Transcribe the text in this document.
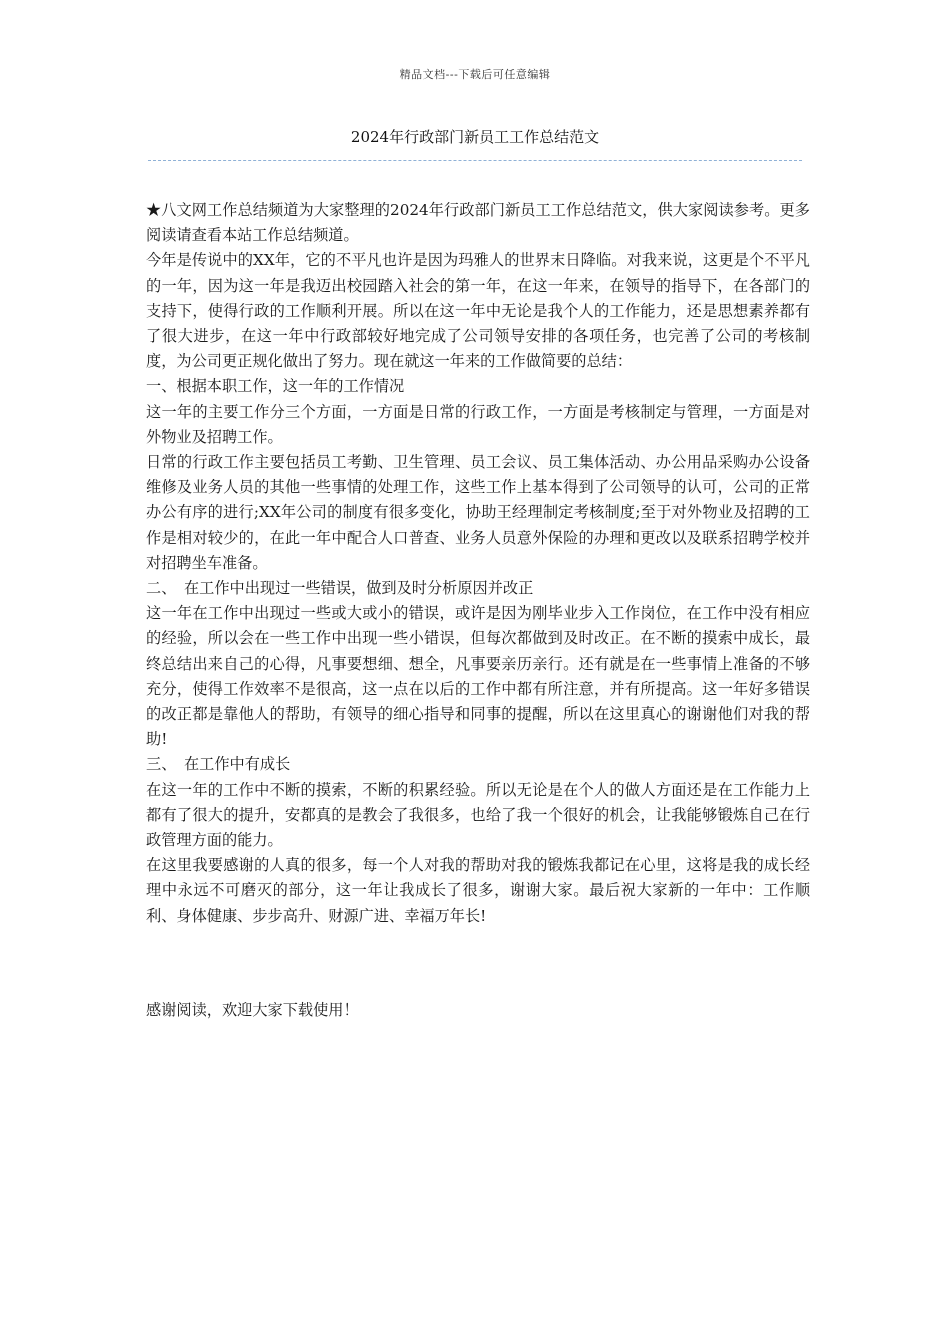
精品文档---下载后可任意编辑
2024年行政部门新员工工作总结范文

★八文网工作总结频道为大家整理的2024年行政部门新员工工作总结范文，供大家阅读参考。更多阅读请查看本站工作总结频道。

今年是传说中的XX年，它的不平凡也许是因为玛雅人的世界末日降临。对我来说，这更是个不平凡的一年，因为这一年是我迈出校园踏入社会的第一年，在这一年来，在领导的指导下，在各部门的支持下，使得行政的工作顺利开展。所以在这一年中无论是我个人的工作能力，还是思想素养都有了很大进步，在这一年中行政部较好地完成了公司领导安排的各项任务，也完善了公司的考核制度，为公司更正规化做出了努力。现在就这一年来的工作做简要的总结：

一、根据本职工作，这一年的工作情况

这一年的主要工作分三个方面，一方面是日常的行政工作，一方面是考核制定与管理，一方面是对外物业及招聘工作。

日常的行政工作主要包括员工考勤、卫生管理、员工会议、员工集体活动、办公用品采购办公设备维修及业务人员的其他一些事情的处理工作，这些工作上基本得到了公司领导的认可，公司的正常办公有序的进行;XX年公司的制度有很多变化，协助王经理制定考核制度;至于对外物业及招聘的工作是相对较少的，在此一年中配合人口普查、业务人员意外保险的办理和更改以及联系招聘学校并对招聘坐车准备。

二、　在工作中出现过一些错误，做到及时分析原因并改正

这一年在工作中出现过一些或大或小的错误，或许是因为刚毕业步入工作岗位，在工作中没有相应的经验，所以会在一些工作中出现一些小错误，但每次都做到及时改正。在不断的摸索中成长，最终总结出来自己的心得，凡事要想细、想全，凡事要亲历亲行。还有就是在一些事情上准备的不够充分，使得工作效率不是很高，这一点在以后的工作中都有所注意，并有所提高。这一年好多错误的改正都是靠他人的帮助，有领导的细心指导和同事的提醒，所以在这里真心的谢谢他们对我的帮助!

三、　在工作中有成长

在这一年的工作中不断的摸索，不断的积累经验。所以无论是在个人的做人方面还是在工作能力上都有了很大的提升，安都真的是教会了我很多，也给了我一个很好的机会，让我能够锻炼自己在行政管理方面的能力。

在这里我要感谢的人真的很多，每一个人对我的帮助对我的锻炼我都记在心里，这将是我的成长经理中永远不可磨灭的部分，这一年让我成长了很多，谢谢大家。最后祝大家新的一年中：工作顺利、身体健康、步步高升、财源广进、幸福万年长!

感谢阅读，欢迎大家下载使用！
